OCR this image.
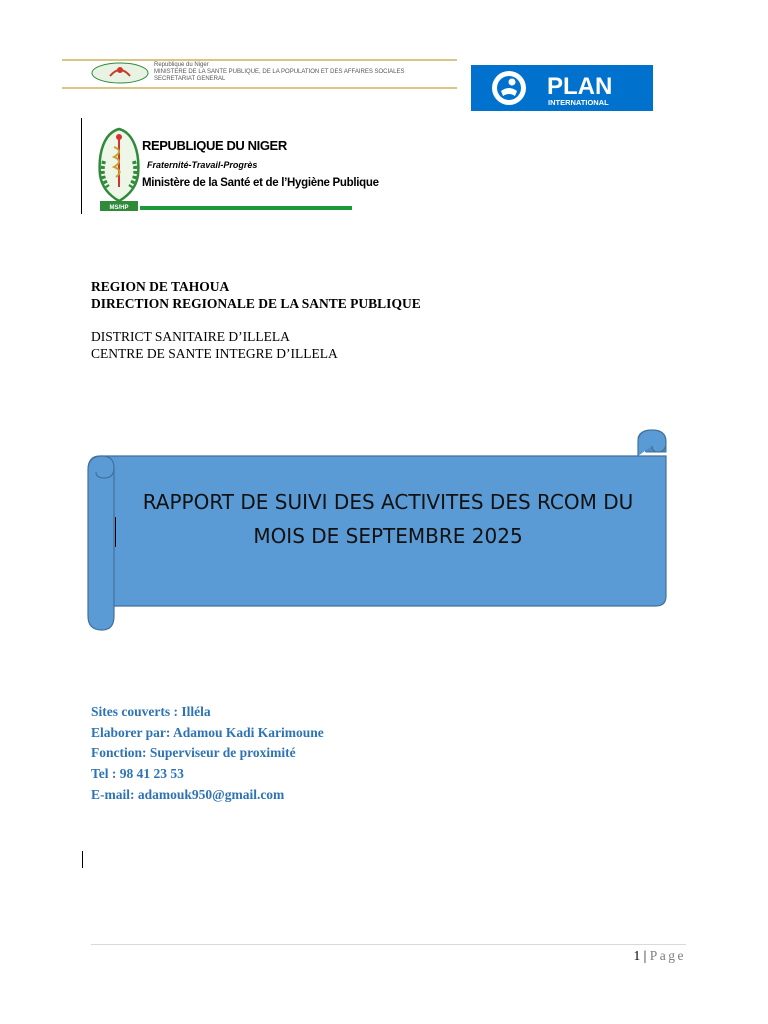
Republique du Niger
MINISTERE DE LA SANTE PUBLIQUE, DE LA POPULATION ET DES AFFAIRES SOCIALES
SECRETARIAT GENERAL	PLAN
INTERNATIONAL
MS/HP
REPUBLIQUE DU NIGER
Fraternité-Travail-Progrès
Ministère de la Santé et de l’Hygiène Publique
REGION DE TAHOUA
DIRECTION REGIONALE DE LA SANTE PUBLIQUE
DISTRICT SANITAIRE D’ILLELA
CENTRE DE SANTE INTEGRE D’ILLELA
RAPPORT DE SUIVI DES ACTIVITES DES RCOM DU
MOIS DE SEPTEMBRE 2025
Sites couverts : Illéla
Elaborer par: Adamou Kadi Karimoune
Fonction: Superviseur de proximité
Tel : 98 41 23 53
E-mail: adamouk950@gmail.com
1 | Page
